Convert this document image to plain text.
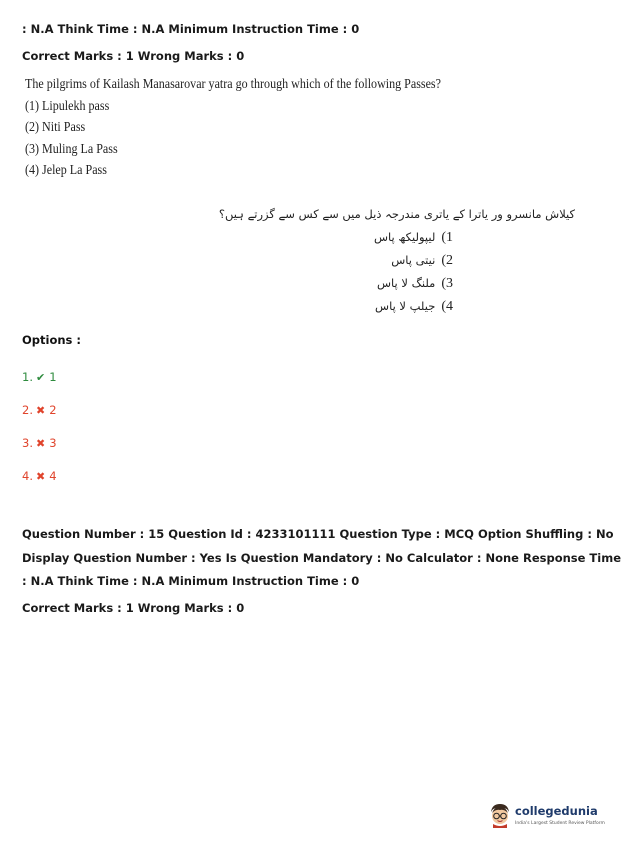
: N.A Think Time : N.A Minimum Instruction Time : 0
Correct Marks : 1 Wrong Marks : 0
The pilgrims of Kailash Manasarovar yatra go through which of the following Passes?
(1) Lipulekh pass
(2) Niti Pass
(3) Muling La Pass
(4) Jelep La Pass
کیلاش مانسرو ور یاترا کے یاتری مندرجہ ذیل میں سے کس سے گزرتے ہیں؟
1)لیپولیکھ پاس
2)نیتی پاس
3)ملنگ لا پاس
4)جیلپ لا پاس
Options :
1. ✔ 1
2. ✖ 2
3. ✖ 3
4. ✖ 4
Question Number : 15 Question Id : 4233101111 Question Type : MCQ Option Shuffling : No
Display Question Number : Yes Is Question Mandatory : No Calculator : None Response Time
: N.A Think Time : N.A Minimum Instruction Time : 0
Correct Marks : 1 Wrong Marks : 0
collegedunia
India's Largest Student Review Platform
